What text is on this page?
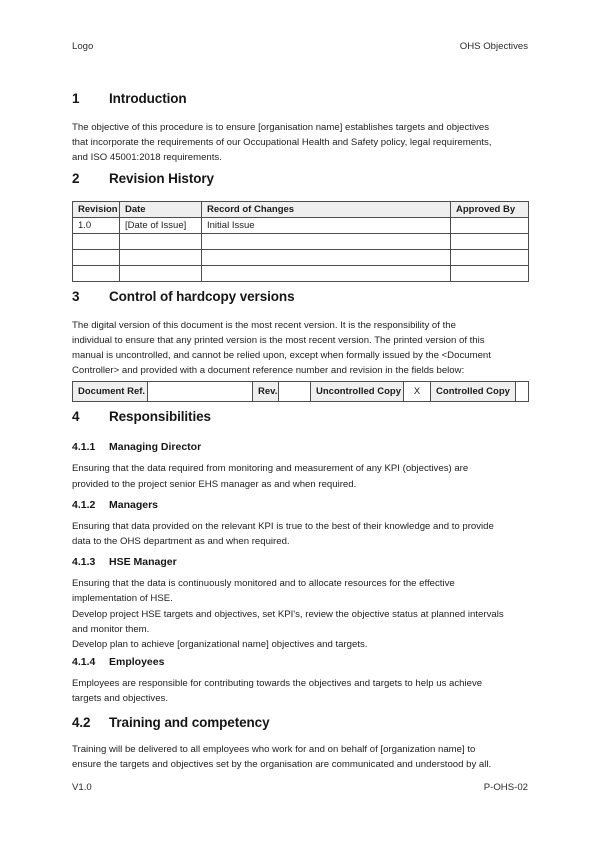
Logo	OHS Objectives
1	Introduction
The objective of this procedure is to ensure [organisation name] establishes targets and objectives
that incorporate the requirements of our Occupational Health and Safety policy, legal requirements,
and ISO 45001:2018 requirements.
2	Revision History
Revision	Date	Record of Changes	Approved By
1.0	[Date of Issue]	Initial Issue	

3	Control of hardcopy versions
The digital version of this document is the most recent version. It is the responsibility of the
individual to ensure that any printed version is the most recent version. The printed version of this
manual is uncontrolled, and cannot be relied upon, except when formally issued by the <Document
Controller> and provided with a document reference number and revision in the fields below:
Document Ref.		Rev.		Uncontrolled Copy	X	Controlled Copy	
4	Responsibilities
4.1.1	Managing Director
Ensuring that the data required from monitoring and measurement of any KPI (objectives) are
provided to the project senior EHS manager as and when required.
4.1.2	Managers
Ensuring that data provided on the relevant KPI is true to the best of their knowledge and to provide
data to the OHS department as and when required.
4.1.3	HSE Manager
Ensuring that the data is continuously monitored and to allocate resources for the effective
implementation of HSE.
Develop project HSE targets and objectives, set KPI's, review the objective status at planned intervals
and monitor them.
Develop plan to achieve [organizational name] objectives and targets.
4.1.4	Employees
Employees are responsible for contributing towards the objectives and targets to help us achieve
targets and objectives.
4.2	Training and competency
Training will be delivered to all employees who work for and on behalf of [organization name] to
ensure the targets and objectives set by the organisation are communicated and understood by all.
V1.0	P-OHS-02
